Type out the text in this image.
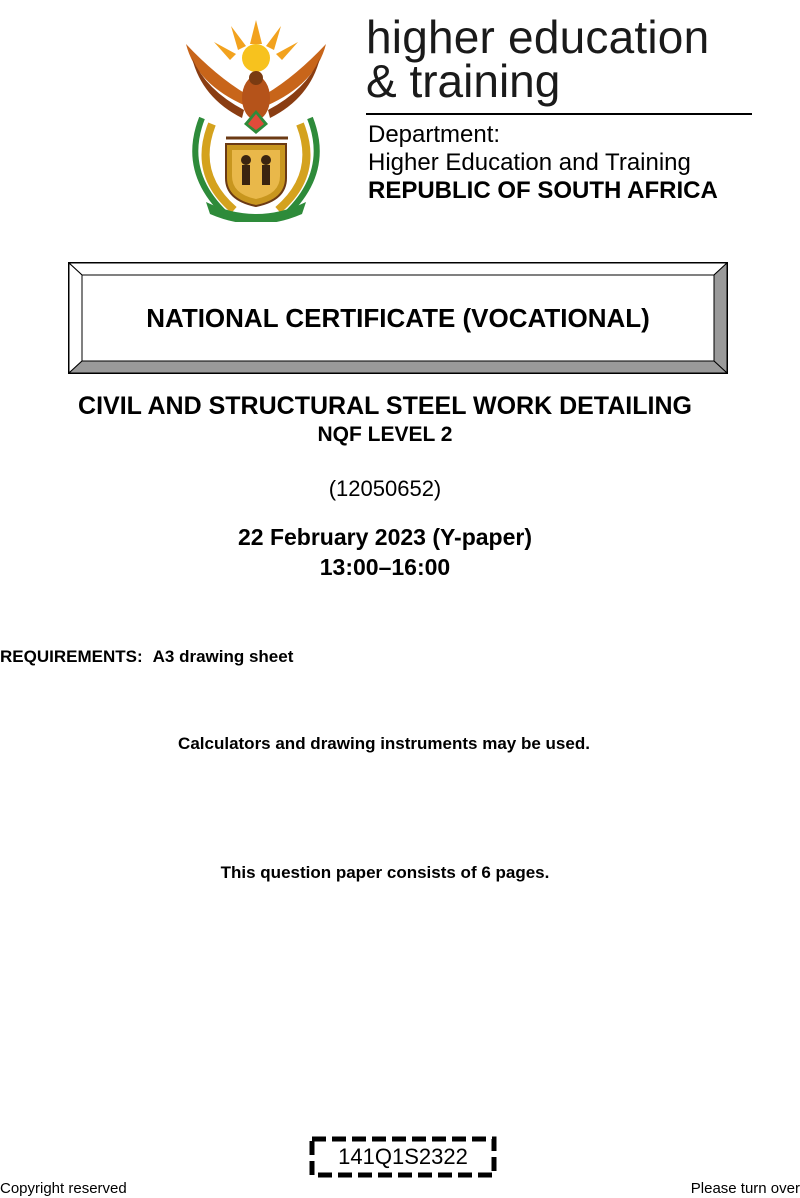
higher education
& training
Department:
Higher Education and Training
REPUBLIC OF SOUTH AFRICA
NATIONAL CERTIFICATE (VOCATIONAL)
CIVIL AND STRUCTURAL STEEL WORK DETAILING
NQF LEVEL 2
(12050652)
22 February 2023 (Y-paper)
13:00–16:00
REQUIREMENTS: A3 drawing sheet
Calculators and drawing instruments may be used.
This question paper consists of 6 pages.
141Q1S2322
Copyright reserved	Please turn over
